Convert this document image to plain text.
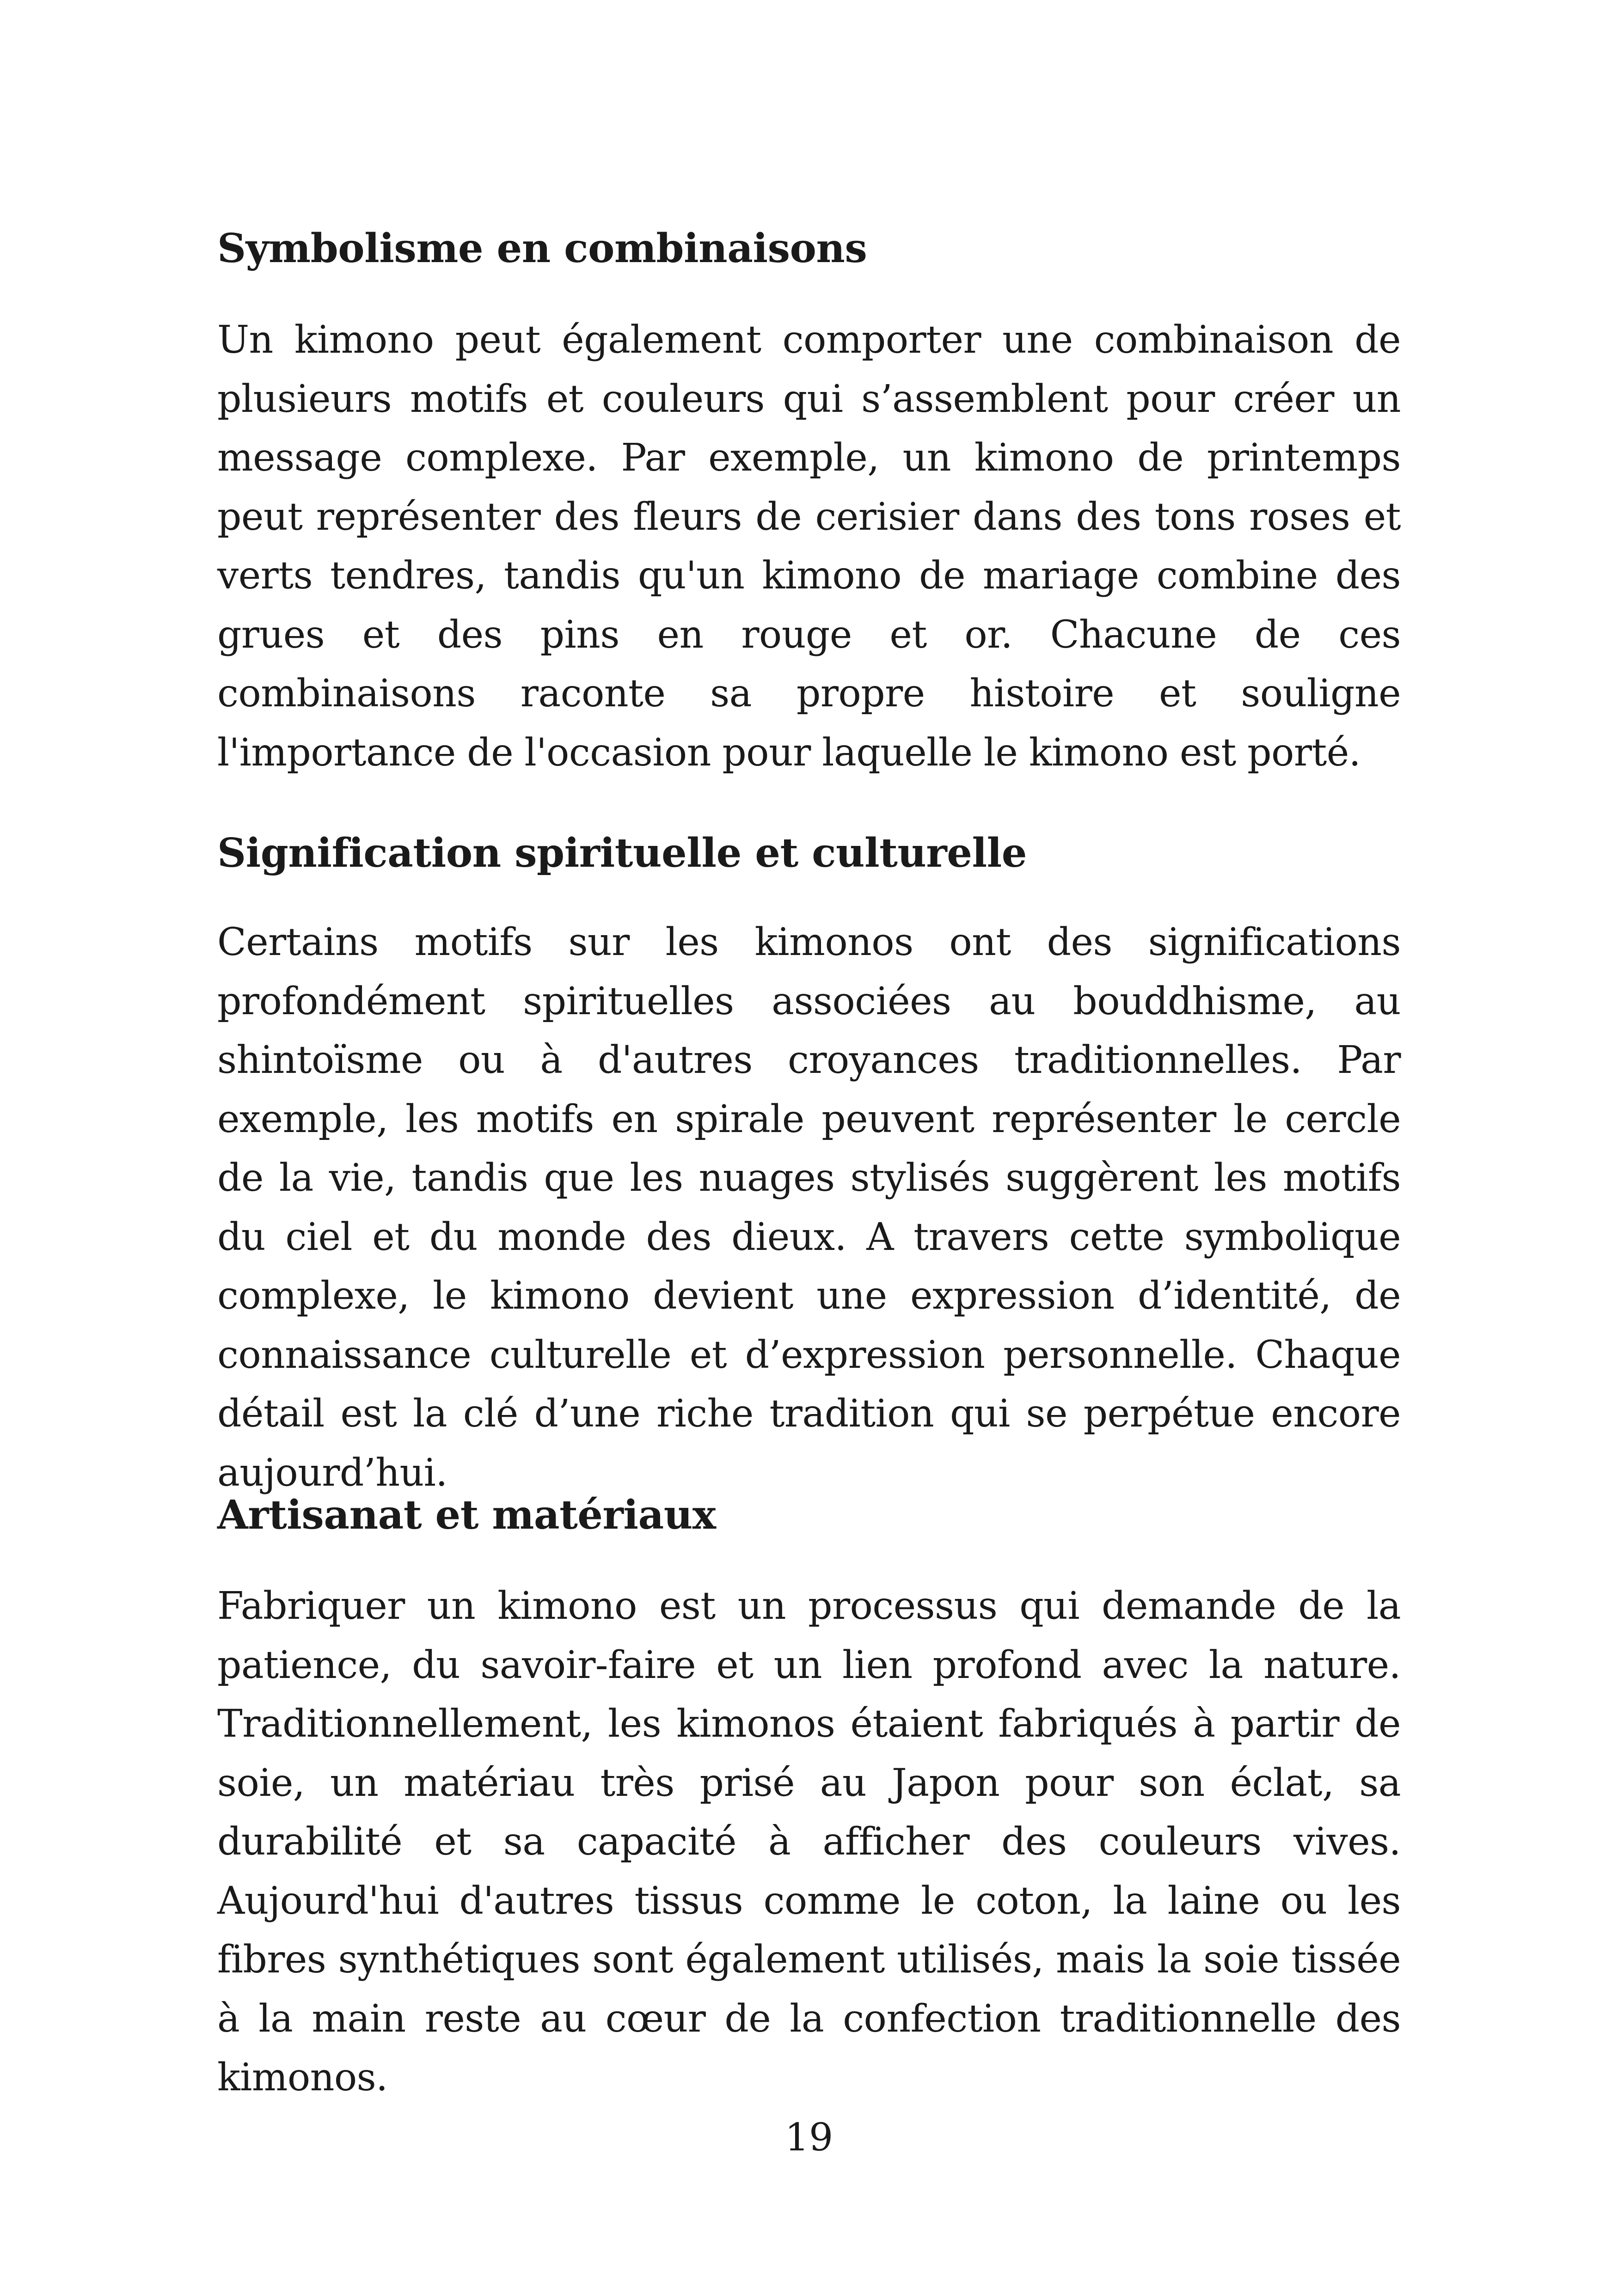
Symbolisme en combinaisons

Un kimono peut également comporter une combinaison de plusieurs motifs et couleurs qui s’assemblent pour créer un message complexe. Par exemple, un kimono de printemps peut représenter des fleurs de cerisier dans des tons roses et verts tendres, tandis qu'un kimono de mariage combine des grues et des pins en rouge et or. Chacune de ces combinaisons raconte sa propre histoire et souligne l'importance de l'occasion pour laquelle le kimono est porté.

Signification spirituelle et culturelle

Certains motifs sur les kimonos ont des significations profondément spirituelles associées au bouddhisme, au shintoïsme ou à d'autres croyances traditionnelles. Par exemple, les motifs en spirale peuvent représenter le cercle de la vie, tandis que les nuages stylisés suggèrent les motifs du ciel et du monde des dieux. A travers cette symbolique complexe, le kimono devient une expression d’identité, de connaissance culturelle et d’expression personnelle. Chaque détail est la clé d’une riche tradition qui se perpétue encore aujourd’hui.

Artisanat et matériaux

Fabriquer un kimono est un processus qui demande de la patience, du savoir-faire et un lien profond avec la nature. Traditionnellement, les kimonos étaient fabriqués à partir de soie, un matériau très prisé au Japon pour son éclat, sa durabilité et sa capacité à afficher des couleurs vives. Aujourd'hui d'autres tissus comme le coton, la laine ou les fibres synthétiques sont également utilisés, mais la soie tissée à la main reste au cœur de la confection traditionnelle des kimonos.

19
